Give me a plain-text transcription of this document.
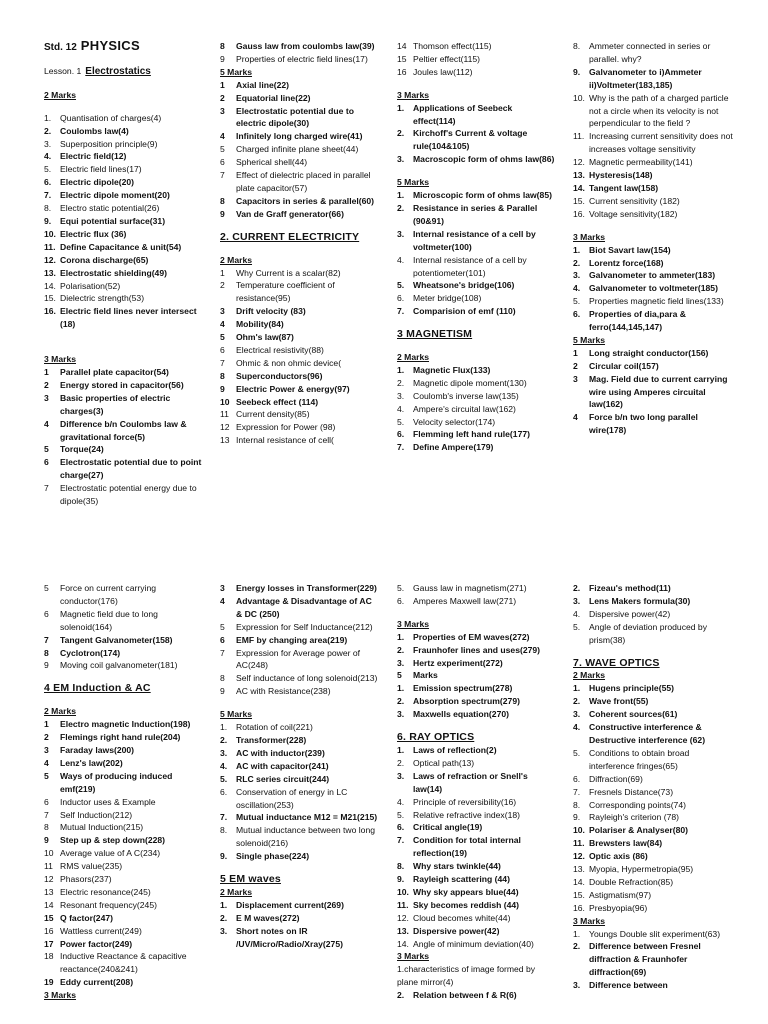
Std. 12 PHYSICS
Lesson. 1 Electrostatics
2 Marks
1.	Quantisation of charges(4)
2.	Coulombs law(4)
3.	Superposition principle(9)
4.	Electric field(12)
5.	Electric field lines(17)
6.	Electric dipole(20)
7.	Electric dipole moment(20)
8.	Electro static potential(26)
9.	Equi potential surface(31)
10. Electric flux (36)
11. Define Capacitance & unit(54)
12. Corona discharge(65)
13. Electrostatic shielding(49)
14. Polarisation(52)
15. Dielectric strength(53)
16. Electric field lines never intersect (18)
3 Marks
1	Parallel plate capacitor(54)
2	Energy stored in capacitor(56)
3	Basic properties of electric charges(3)
4	Difference b/n Coulombs law & gravitational force(5)
5	Torque(24)
6	Electrostatic potential due to point charge(27)
7	Electrostatic potential energy due to dipole(35)
8	Gauss law from coulombs law(39)
9	Properties of electric field lines(17)
5 Marks
1	Axial line(22)
2	Equatorial line(22)
3	Electrostatic potential due to electric dipole(30)
4	Infinitely long charged wire(41)
5	Charged infinite plane sheet(44)
6	Spherical shell(44)
7	Effect of dielectric placed in parallel plate capacitor(57)
8	Capacitors in series & parallel(60)
9	Van de Graff generator(66)
2. CURRENT ELECTRICITY
2 Marks
1	Why Current is a scalar(82)
2	Temperature coefficient of resistance(95)
3	Drift velocity (83)
4	Mobility(84)
5	Ohm's law(87)
6	Electrical resistivity(88)
7	Ohmic & non ohmic device(
8	Superconductors(96)
9	Electric Power & energy(97)
10 Seebeck effect (114)
11 Current density(85)
12 Expression for Power (98)
13 Internal resistance of cell(
14 Thomson effect(115)
15 Peltier effect(115)
16 Joules law(112)
3 Marks
1.	Applications of Seebeck effect(114)
2.	Kirchoff's Current & voltage rule(104&105)
3.	Macroscopic form of ohms law(86)
5 Marks
1.	Microscopic form of ohms law(85)
2.	Resistance in series & Parallel (90&91)
3.	Internal resistance of a cell by voltmeter(100)
4.	Internal resistance of a cell by potentiometer(101)
5.	Wheatsone's bridge(106)
6.	Meter bridge(108)
7.	Comparision of emf (110)
3 MAGNETISM
2 Marks
1.	Magnetic Flux(133)
2.	Magnetic dipole moment(130)
3.	Coulomb's inverse law(135)
4.	Ampere's circuital law(162)
5.	Velocity selector(174)
6.	Flemming left hand rule(177)
7.	Define Ampere(179)
8.	Ammeter connected in series or parallel. why?
9.	Galvanometer to i)Ammeter ii)Voltmeter(183,185)
10. Why is the path of a charged particle not a circle when its velocity is not perpendicular to the field ?
11. Increasing current sensitivity does not increases voltage sensitivity
12. Magnetic permeability(141)
13. Hysteresis(148)
14. Tangent law(158)
15. Current sensitivity (182)
16. Voltage sensitivity(182)
3 Marks
1.	Biot Savart law(154)
2.	Lorentz force(168)
3.	Galvanometer to ammeter(183)
4.	Galvanometer to voltmeter(185)
5.	Properties magnetic field lines(133)
6.	Properties of dia,para & ferro(144,145,147)
5 Marks
1	Long straight conductor(156)
2	Circular coil(157)
3	Mag. Field due to current carrying wire using Amperes circuital law(162)
4	Force b/n two long parallel wire(178)
5	Force on current carrying conductor(176)
6	Magnetic field due to long solenoid(164)
7	Tangent Galvanometer(158)
8	Cyclotron(174)
9	Moving coil galvanometer(181)
4 EM Induction & AC
2 Marks
1	Electro magnetic Induction(198)
2	Flemings right hand rule(204)
3	Faraday laws(200)
4	Lenz's law(202)
5	Ways of producing induced emf(219)
6	Inductor uses & Example
7	Self Induction(212)
8	Mutual Induction(215)
9	Step up & step down(228)
10 Average value of A C(234)
11 RMS value(235)
12 Phasors(237)
13 Electric resonance(245)
14 Resonant frequency(245)
15 Q factor(247)
16 Wattless current(249)
17 Power factor(249)
18 Inductive Reactance & capacitive reactance(240&241)
19 Eddy current(208)
3 Marks
3	Energy losses in Transformer(229)
4	Advantage & Disadvantage of AC & DC (250)
5	Expression for Self Inductance(212)
6	EMF by changing area(219)
7	Expression for Average power of AC(248)
8	Self inductance of long solenoid(213)
9	AC with Resistance(238)
5 Marks
1.	Rotation of coil(221)
2.	Transformer(228)
3.	AC with inductor(239)
4.	AC with capacitor(241)
5.	RLC series circuit(244)
6.	Conservation of energy in LC oscillation(253)
7.	Mutual inductance M12 = M21(215)
8.	Mutual inductance between two long solenoid(216)
9.	Single phase(224)
5 EM waves
2 Marks
1.	Displacement current(269)
2.	E M waves(272)
3.	Short notes on IR /UV/Micro/Radio/Xray(275)
5.	Gauss law in magnetism(271)
6.	Amperes Maxwell law(271)
3 Marks
1.	Properties of EM waves(272)
2.	Fraunhofer lines and uses(279)
3.	Hertz experiment(272)
5	Marks
1.	Emission spectrum(278)
2.	Absorption spectrum(279)
3.	Maxwells equation(270)
6. RAY OPTICS
1.	Laws of reflection(2)
2.	Optical path(13)
3.	Laws of refraction or Snell's law(14)
4.	Principle of reversibility(16)
5.	Relative refractive index(18)
6.	Critical angle(19)
7.	Condition for total internal reflection(19)
8.	Why stars twinkle(44)
9.	Rayleigh scattering (44)
10. Why sky appears blue(44)
11. Sky becomes reddish (44)
12. Cloud becomes white(44)
13. Dispersive power(42)
14. Angle of minimum deviation(40)
3 Marks
1.characteristics of image formed by plane mirror(4)
2.	Relation between f & R(6)
2.	Fizeau's method(11)
3.	Lens Makers formula(30)
4.	Dispersive power(42)
5.	Angle of deviation produced by prism(38)
7. WAVE OPTICS
2 Marks
1.	Hugens principle(55)
2.	Wave front(55)
3.	Coherent sources(61)
4.	Constructive interference & Destructive interference (62)
5.	Conditions to obtain broad interference fringes(65)
6.	Diffraction(69)
7.	Fresnels Distance(73)
8.	Corresponding points(74)
9.	Rayleigh's criterion (78)
10. Polariser & Analyser(80)
11. Brewsters law(84)
12. Optic axis (86)
13. Myopia, Hypermetropia(95)
14. Double Refraction(85)
15. Astigmatism(97)
16. Presbyopia(96)
3 Marks
1.	Youngs Double slit experiment(63)
2.	Difference between Fresnel diffraction & Fraunhofer diffraction(69)
3.	Difference between
